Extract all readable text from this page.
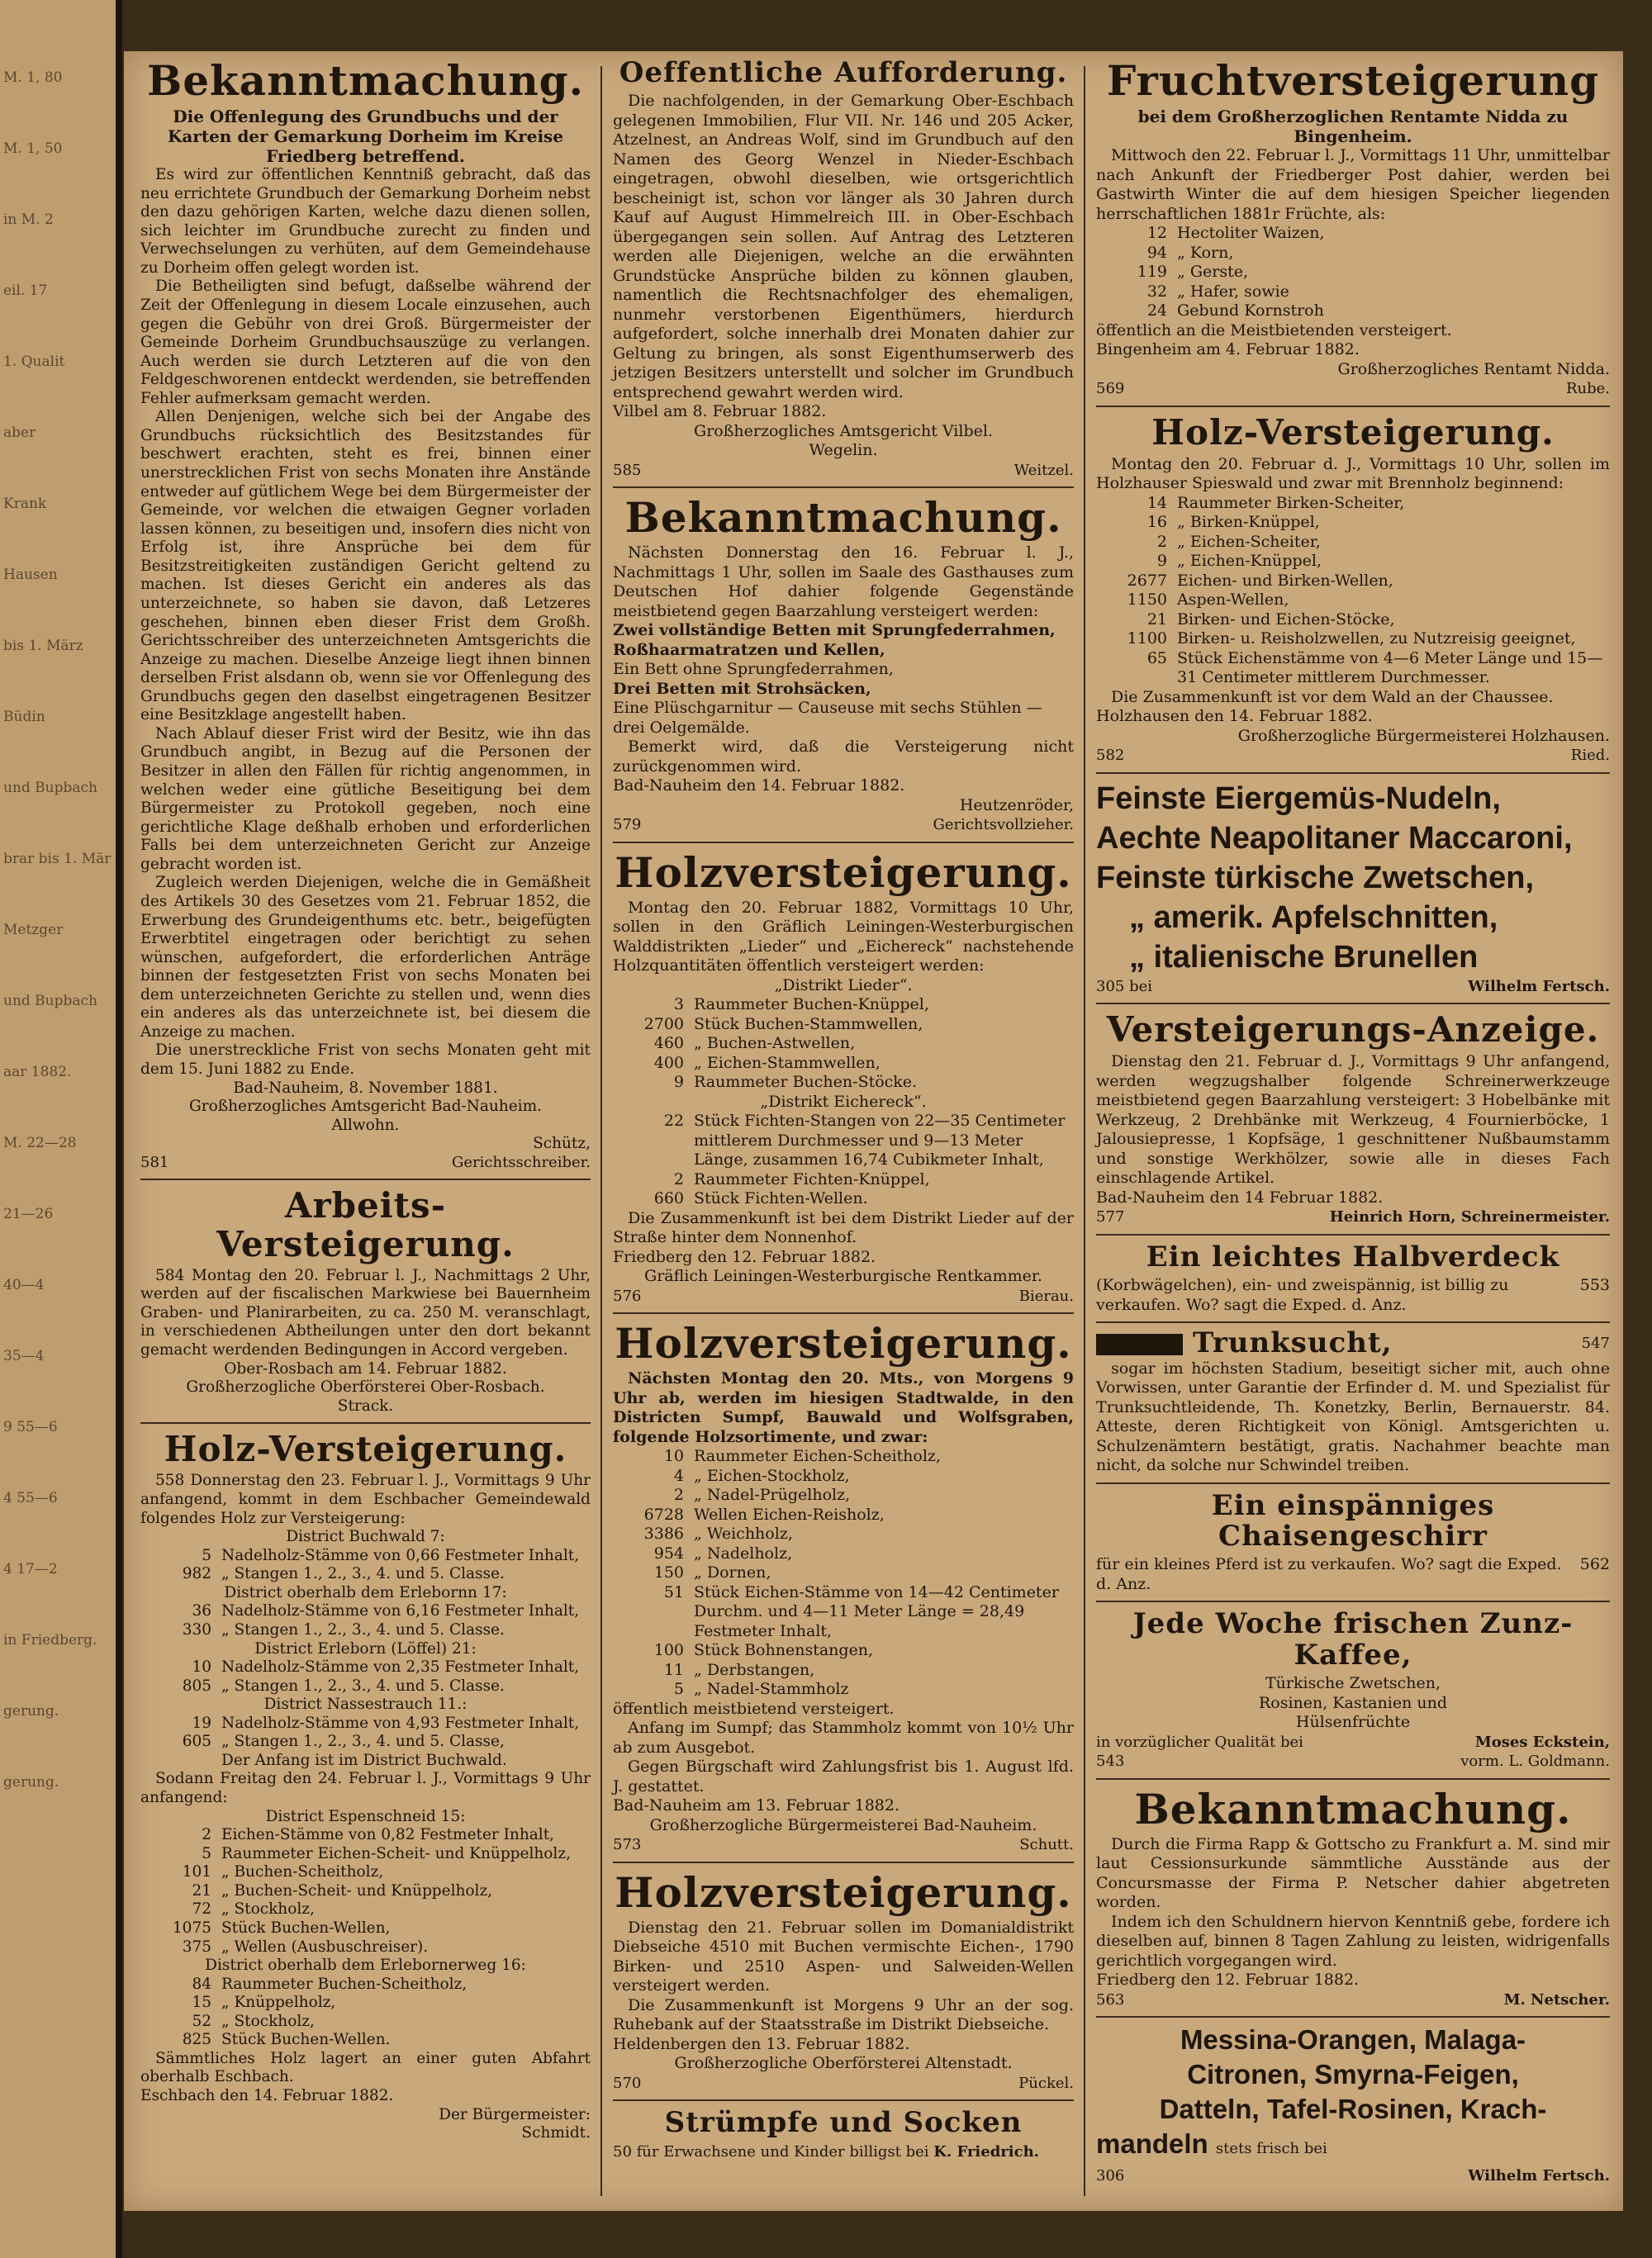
M. 1, 80
M. 1, 50
in M. 2
eil. 17
1. Qualit
aber
Krank
Hausen
bis 1. März
Büdin
und Bupbach
brar bis 1. Mär
Metzger
und Bupbach
aar 1882.
M. 22—28
21—26
40—4
35—4
9 55—6
4 55—6
4 17—2
in Friedberg.
gerung.
gerung.
Bekanntmachung.
Die Offenlegung des Grundbuchs und der Karten der Gemarkung Dorheim im Kreise Friedberg betreffend.

Es wird zur öffentlichen Kenntniß gebracht, daß das neu errichtete Grundbuch der Gemarkung Dorheim nebst den dazu gehörigen Karten, welche dazu dienen sollen, sich leichter im Grundbuche zurecht zu finden und Verwechselungen zu verhüten, auf dem Gemeindehause zu Dorheim offen gelegt worden ist.

Die Betheiligten sind befugt, daßselbe während der Zeit der Offenlegung in diesem Locale einzusehen, auch gegen die Gebühr von drei Groß. Bürgermeister der Gemeinde Dorheim Grundbuchsauszüge zu verlangen. Auch werden sie durch Letzteren auf die von den Feldgeschworenen entdeckt werdenden, sie betreffenden Fehler aufmerksam gemacht werden.

Allen Denjenigen, welche sich bei der Angabe des Grundbuchs rücksichtlich des Besitzstandes für beschwert erachten, steht es frei, binnen einer unerstrecklichen Frist von sechs Monaten ihre Anstände entweder auf gütlichem Wege bei dem Bürgermeister der Gemeinde, vor welchen die etwaigen Gegner vorladen lassen können, zu beseitigen und, insofern dies nicht von Erfolg ist, ihre Ansprüche bei dem für Besitzstreitigkeiten zuständigen Gericht geltend zu machen. Ist dieses Gericht ein anderes als das unterzeichnete, so haben sie davon, daß Letzeres geschehen, binnen eben dieser Frist dem Großh. Gerichtsschreiber des unterzeichneten Amtsgerichts die Anzeige zu machen. Dieselbe Anzeige liegt ihnen binnen derselben Frist alsdann ob, wenn sie vor Offenlegung des Grundbuchs gegen den daselbst eingetragenen Besitzer eine Besitzklage angestellt haben.

Nach Ablauf dieser Frist wird der Besitz, wie ihn das Grundbuch angibt, in Bezug auf die Personen der Besitzer in allen den Fällen für richtig angenommen, in welchen weder eine gütliche Beseitigung bei dem Bürgermeister zu Protokoll gegeben, noch eine gerichtliche Klage deßhalb erhoben und erforderlichen Falls bei dem unterzeichneten Gericht zur Anzeige gebracht worden ist.

Zugleich werden Diejenigen, welche die in Gemäßheit des Artikels 30 des Gesetzes vom 21. Februar 1852, die Erwerbung des Grundeigenthums etc. betr., beigefügten Erwerbtitel eingetragen oder berichtigt zu sehen wünschen, aufgefordert, die erforderlichen Anträge binnen der festgesetzten Frist von sechs Monaten bei dem unterzeichneten Gerichte zu stellen und, wenn dies ein anderes als das unterzeichnete ist, bei diesem die Anzeige zu machen.

Die unerstreckliche Frist von sechs Monaten geht mit dem 15. Juni 1882 zu Ende.

Bad-Nauheim, 8. November 1881.
Großherzogliches Amtsgericht Bad-Nauheim.
Allwohn.
Schütz,
581	Gerichtsschreiber.
Arbeits-Versteigerung.

584 Montag den 20. Februar l. J., Nachmittags 2 Uhr, werden auf der fiscalischen Markwiese bei Bauernheim Graben- und Planirarbeiten, zu ca. 250 M. veranschlagt, in verschiedenen Abtheilungen unter den dort bekannt gemacht werdenden Bedingungen in Accord vergeben.

Ober-Rosbach am 14. Februar 1882.
Großherzogliche Oberförsterei Ober-Rosbach.
Strack.
Holz-Versteigerung.

558 Donnerstag den 23. Februar l. J., Vormittags 9 Uhr anfangend, kommt in dem Eschbacher Gemeindewald folgendes Holz zur Versteigerung:

District Buchwald 7:
5 Nadelholz-Stämme von 0,66 Festmeter Inhalt,
982 „ Stangen 1., 2., 3., 4. und 5. Classe.
District oberhalb dem Erlebornn 17:
36 Nadelholz-Stämme von 6,16 Festmeter Inhalt,
330 „ Stangen 1., 2., 3., 4. und 5. Classe.
District Erleborn (Löffel) 21:
10 Nadelholz-Stämme von 2,35 Festmeter Inhalt,
805 „ Stangen 1., 2., 3., 4. und 5. Classe.
District Nassestrauch 11.:
19 Nadelholz-Stämme von 4,93 Festmeter Inhalt,
605 „ Stangen 1., 2., 3., 4. und 5. Classe,
Der Anfang ist im District Buchwald.

Sodann Freitag den 24. Februar l. J., Vormittags 9 Uhr anfangend:

District Espenschneid 15:
2 Eichen-Stämme von 0,82 Festmeter Inhalt,
5 Raummeter Eichen-Scheit- und Knüppelholz,
101 „ Buchen-Scheitholz,
21 „ Buchen-Scheit- und Knüppelholz,
72 „ Stockholz,
1075 Stück Buchen-Wellen,
375 „ Wellen (Ausbuschreiser).
District oberhalb dem Erlebornerweg 16:
84 Raummeter Buchen-Scheitholz,
15 „ Knüppelholz,
52 „ Stockholz,
825 Stück Buchen-Wellen.

Sämmtliches Holz lagert an einer guten Abfahrt oberhalb Eschbach.

Eschbach den 14. Februar 1882.
Der Bürgermeister:
Schmidt.
Oeffentliche Aufforderung.

Die nachfolgenden, in der Gemarkung Ober-Eschbach gelegenen Immobilien, Flur VII. Nr. 146 und 205 Acker, Atzelnest, an Andreas Wolf, sind im Grundbuch auf den Namen des Georg Wenzel in Nieder-Eschbach eingetragen, obwohl dieselben, wie ortsgerichtlich bescheinigt ist, schon vor länger als 30 Jahren durch Kauf auf August Himmelreich III. in Ober-Eschbach übergegangen sein sollen. Auf Antrag des Letzteren werden alle Diejenigen, welche an die erwähnten Grundstücke Ansprüche bilden zu können glauben, namentlich die Rechtsnachfolger des ehemaligen, nunmehr verstorbenen Eigenthümers, hierdurch aufgefordert, solche innerhalb drei Monaten dahier zur Geltung zu bringen, als sonst Eigenthumserwerb des jetzigen Besitzers unterstellt und solcher im Grundbuch entsprechend gewahrt werden wird.

Vilbel am 8. Februar 1882.
Großherzogliches Amtsgericht Vilbel.
Wegelin.
585	Weitzel.
Bekanntmachung.

Nächsten Donnerstag den 16. Februar l. J., Nachmittags 1 Uhr, sollen im Saale des Gasthauses zum Deutschen Hof dahier folgende Gegenstände meistbietend gegen Baarzahlung versteigert werden:

Zwei vollständige Betten mit Sprungfederrahmen, Roßhaarmatratzen und Kellen,
Ein Bett ohne Sprungfederrahmen,
Drei Betten mit Strohsäcken,
Eine Plüschgarnitur — Causeuse mit sechs Stühlen — drei Oelgemälde.

Bemerkt wird, daß die Versteigerung nicht zurückgenommen wird.

Bad-Nauheim den 14. Februar 1882.
Heutzenröder,
579	Gerichtsvollzieher.
Holzversteigerung.

Montag den 20. Februar 1882, Vormittags 10 Uhr, sollen in den Gräflich Leiningen-Westerburgischen Walddistrikten „Lieder“ und „Eichereck“ nachstehende Holzquantitäten öffentlich versteigert werden:

„Distrikt Lieder“.
3 Raummeter Buchen-Knüppel,
2700 Stück Buchen-Stammwellen,
460 „ Buchen-Astwellen,
400 „ Eichen-Stammwellen,
9 Raummeter Buchen-Stöcke.
„Distrikt Eichereck“.
22 Stück Fichten-Stangen von 22—35 Centimeter mittlerem Durchmesser und 9—13 Meter Länge, zusammen 16,74 Cubikmeter Inhalt,
2 Raummeter Fichten-Knüppel,
660 Stück Fichten-Wellen.

Die Zusammenkunft ist bei dem Distrikt Lieder auf der Straße hinter dem Nonnenhof.

Friedberg den 12. Februar 1882.
Gräflich Leiningen-Westerburgische Rentkammer.
576	Bierau.
Holzversteigerung.

Nächsten Montag den 20. Mts., von Morgens 9 Uhr ab, werden im hiesigen Stadtwalde, in den Districten Sumpf, Bauwald und Wolfsgraben, folgende Holzsortimente, und zwar:

10 Raummeter Eichen-Scheitholz,
4 „ Eichen-Stockholz,
2 „ Nadel-Prügelholz,
6728 Wellen Eichen-Reisholz,
3386 „ Weichholz,
954 „ Nadelholz,
150 „ Dornen,
51 Stück Eichen-Stämme von 14—42 Centimeter Durchm. und 4—11 Meter Länge = 28,49 Festmeter Inhalt,
100 Stück Bohnenstangen,
11 „ Derbstangen,
5 „ Nadel-Stammholz
öffentlich meistbietend versteigert.

Anfang im Sumpf; das Stammholz kommt von 10½ Uhr ab zum Ausgebot.

Gegen Bürgschaft wird Zahlungsfrist bis 1. August lfd. J. gestattet.

Bad-Nauheim am 13. Februar 1882.
Großherzogliche Bürgermeisterei Bad-Nauheim.
573	Schutt.
Holzversteigerung.

Dienstag den 21. Februar sollen im Domanialdistrikt Diebseiche 4510 mit Buchen vermischte Eichen-, 1790 Birken- und 2510 Aspen- und Salweiden-Wellen versteigert werden.

Die Zusammenkunft ist Morgens 9 Uhr an der sog. Ruhebank auf der Staatsstraße im Distrikt Diebseiche.

Heldenbergen den 13. Februar 1882.
Großherzogliche Oberförsterei Altenstadt.
570	Pückel.
Strümpfe und Socken
50 für Erwachsene und Kinder billigst bei K. Friedrich.
Fruchtversteigerung
bei dem Großherzoglichen Rentamte Nidda zu Bingenheim.

Mittwoch den 22. Februar l. J., Vormittags 11 Uhr, unmittelbar nach Ankunft der Friedberger Post dahier, werden bei Gastwirth Winter die auf dem hiesigen Speicher liegenden herrschaftlichen 1881r Früchte, als:

12 Hectoliter Waizen,
94 „ Korn,
119 „ Gerste,
32 „ Hafer, sowie
24 Gebund Kornstroh
öffentlich an die Meistbietenden versteigert.
Bingenheim am 4. Februar 1882.
Großherzogliches Rentamt Nidda.
569	Rube.
Holz-Versteigerung.

Montag den 20. Februar d. J., Vormittags 10 Uhr, sollen im Holzhauser Spieswald und zwar mit Brennholz beginnend:

14 Raummeter Birken-Scheiter,
16 „ Birken-Knüppel,
2 „ Eichen-Scheiter,
9 „ Eichen-Knüppel,
2677 Eichen- und Birken-Wellen,
1150 Aspen-Wellen,
21 Birken- und Eichen-Stöcke,
1100 Birken- u. Reisholzwellen, zu Nutzreisig geeignet,
65 Stück Eichenstämme von 4—6 Meter Länge und 15—31 Centimeter mittlerem Durchmesser.

Die Zusammenkunft ist vor dem Wald an der Chaussee.

Holzhausen den 14. Februar 1882.
Großherzogliche Bürgermeisterei Holzhausen.
582	Ried.
Feinste Eiergemüs-Nudeln,
Aechte Neapolitaner Maccaroni,
Feinste türkische Zwetschen,
„ amerik. Apfelschnitten,
„ italienische Brunellen
305 bei	Wilhelm Fertsch.
Versteigerungs-Anzeige.

Dienstag den 21. Februar d. J., Vormittags 9 Uhr anfangend, werden wegzugshalber folgende Schreinerwerkzeuge meistbietend gegen Baarzahlung versteigert: 3 Hobelbänke mit Werkzeug, 2 Drehbänke mit Werkzeug, 4 Fournierböcke, 1 Jalousiepresse, 1 Kopfsäge, 1 geschnittener Nußbaumstamm und sonstige Werkhölzer, sowie alle in dieses Fach einschlagende Artikel.

Bad-Nauheim den 14 Februar 1882.
577	Heinrich Horn, Schreinermeister.
Ein leichtes Halbverdeck
(Korbwägelchen), ein- und zweispännig, ist billig zu verkaufen. Wo? sagt die Exped. d. Anz.
553
Trunksucht,	547

sogar im höchsten Stadium, beseitigt sicher mit, auch ohne Vorwissen, unter Garantie der Erfinder d. M. und Spezialist für Trunksuchtleidende, Th. Konetzky, Berlin, Bernauerstr. 84. Atteste, deren Richtigkeit von Königl. Amtsgerichten u. Schulzenämtern bestätigt, gratis. Nachahmer beachte man nicht, da solche nur Schwindel treiben.

Ein einspänniges Chaisengeschirr
für ein kleines Pferd ist zu verkaufen. Wo? sagt die Exped. d. Anz.
562
Jede Woche frischen Zunz-Kaffee,
Türkische Zwetschen,
Rosinen, Kastanien und
Hülsenfrüchte
in vorzüglicher Qualität bei	Moses Eckstein,
543	vorm. L. Goldmann.
Bekanntmachung.

Durch die Firma Rapp & Gottscho zu Frankfurt a. M. sind mir laut Cessionsurkunde sämmtliche Ausstände aus der Concursmasse der Firma P. Netscher dahier abgetreten worden.

Indem ich den Schuldnern hiervon Kenntniß gebe, fordere ich dieselben auf, binnen 8 Tagen Zahlung zu leisten, widrigenfalls gerichtlich vorgegangen wird.

Friedberg den 12. Februar 1882.
563	M. Netscher.
Messina-Orangen, Malaga-
Citronen, Smyrna-Feigen,
Datteln, Tafel-Rosinen, Krach-
mandeln stets frisch bei
306	Wilhelm Fertsch.
